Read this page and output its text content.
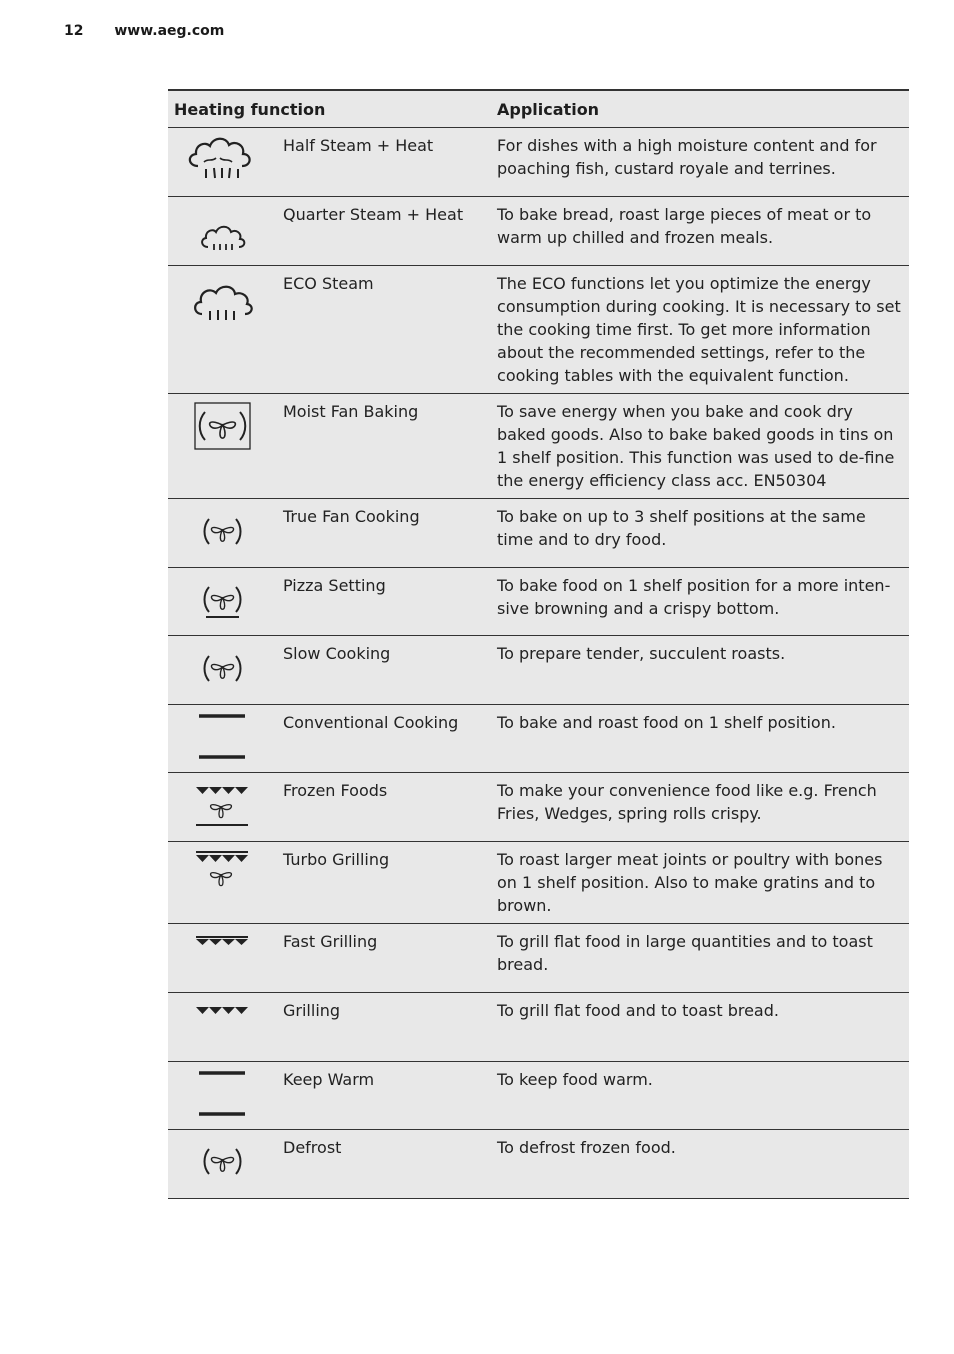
12 www.aeg.com
Heating function		Application

	Half Steam + Heat	For dishes with a high moisture content and for poaching fish, custard royale and terrines.

	Quarter Steam + Heat	To bake bread, roast large pieces of meat or to warm up chilled and frozen meals.

	ECO Steam	The ECO functions let you optimize the energy consumption during cooking. It is necessary to set the cooking time first. To get more information about the recommended settings, refer to the cooking tables with the equivalent function.

	Moist Fan Baking	To save energy when you bake and cook dry baked goods. Also to bake baked goods in tins on 1 shelf position. This function was used to de-fine the energy efficiency class acc. EN50304

	True Fan Cooking	To bake on up to 3 shelf positions at the same time and to dry food.

	Pizza Setting	To bake food on 1 shelf position for a more inten-sive browning and a crispy bottom.

	Slow Cooking	To prepare tender, succulent roasts.

	Conventional Cooking	To bake and roast food on 1 shelf position.

	Frozen Foods	To make your convenience food like e.g. French Fries, Wedges, spring rolls crispy.

	Turbo Grilling	To roast larger meat joints or poultry with bones on 1 shelf position. Also to make gratins and to brown.

	Fast Grilling	To grill flat food in large quantities and to toast bread.

	Grilling	To grill flat food and to toast bread.

	Keep Warm	To keep food warm.

	Defrost	To defrost frozen food.
